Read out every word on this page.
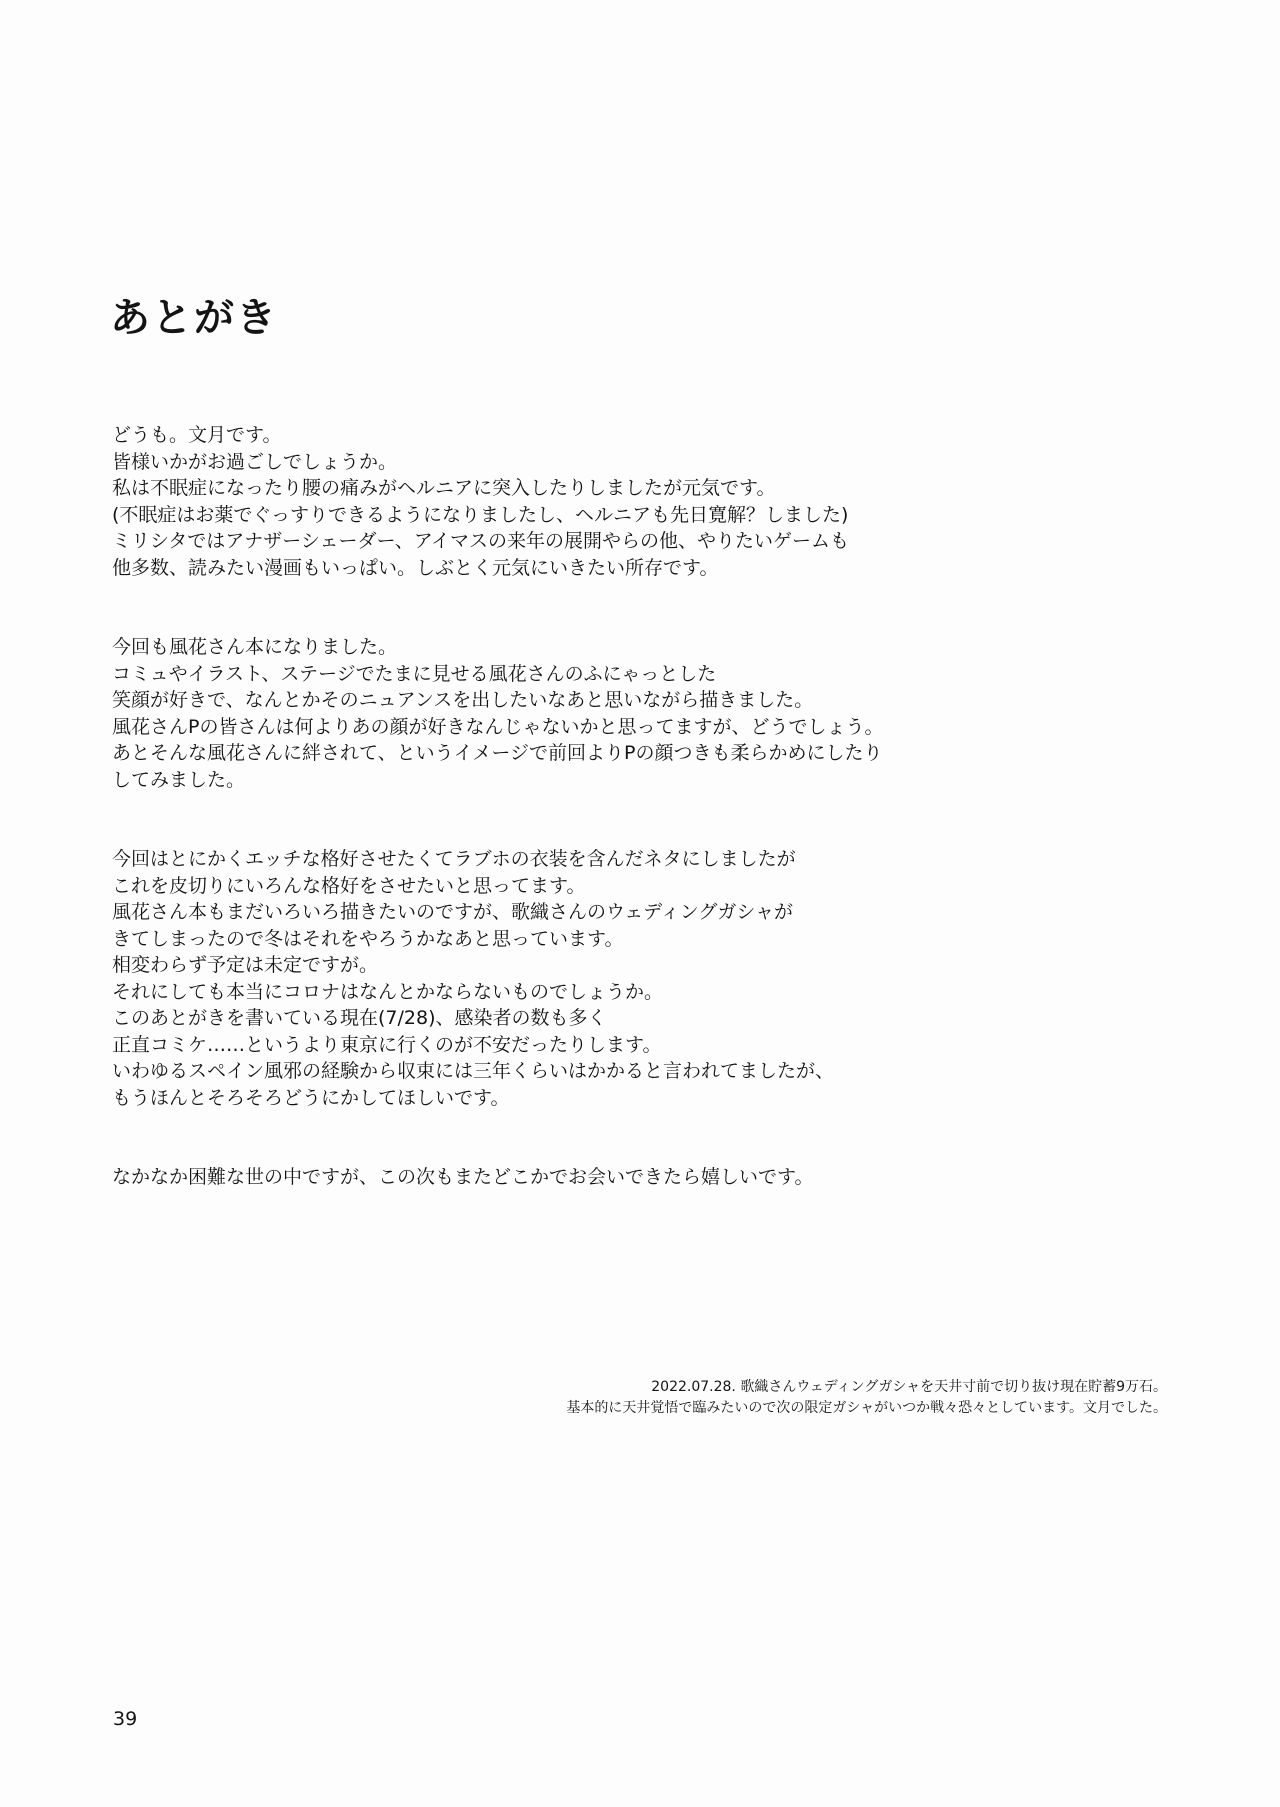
あとがき
どうも。文月です。
皆様いかがお過ごしでしょうか。
私は不眠症になったり腰の痛みがヘルニアに突入したりしましたが元気です。
(不眠症はお薬でぐっすりできるようになりましたし、ヘルニアも先日寛解？しました)
ミリシタではアナザーシェーダー、アイマスの来年の展開やらの他、やりたいゲームも
他多数、読みたい漫画もいっぱい。しぶとく元気にいきたい所存です。
今回も風花さん本になりました。
コミュやイラスト、ステージでたまに見せる風花さんのふにゃっとした
笑顔が好きで、なんとかそのニュアンスを出したいなあと思いながら描きました。
風花さんPの皆さんは何よりあの顔が好きなんじゃないかと思ってますが、どうでしょう。
あとそんな風花さんに絆されて、というイメージで前回よりPの顔つきも柔らかめにしたり
してみました。
今回はとにかくエッチな格好させたくてラブホの衣装を含んだネタにしましたが
これを皮切りにいろんな格好をさせたいと思ってます。
風花さん本もまだいろいろ描きたいのですが、歌織さんのウェディングガシャが
きてしまったので冬はそれをやろうかなあと思っています。
相変わらず予定は未定ですが。
それにしても本当にコロナはなんとかならないものでしょうか。
このあとがきを書いている現在(7/28)、感染者の数も多く
正直コミケ……というより東京に行くのが不安だったりします。
いわゆるスペイン風邪の経験から収束には三年くらいはかかると言われてましたが、
もうほんとそろそろどうにかしてほしいです。
なかなか困難な世の中ですが、この次もまたどこかでお会いできたら嬉しいです。
2022.07.28. 歌織さんウェディングガシャを天井寸前で切り抜け現在貯蓄9万石。
基本的に天井覚悟で臨みたいので次の限定ガシャがいつか戦々恐々としています。文月でした。
39
